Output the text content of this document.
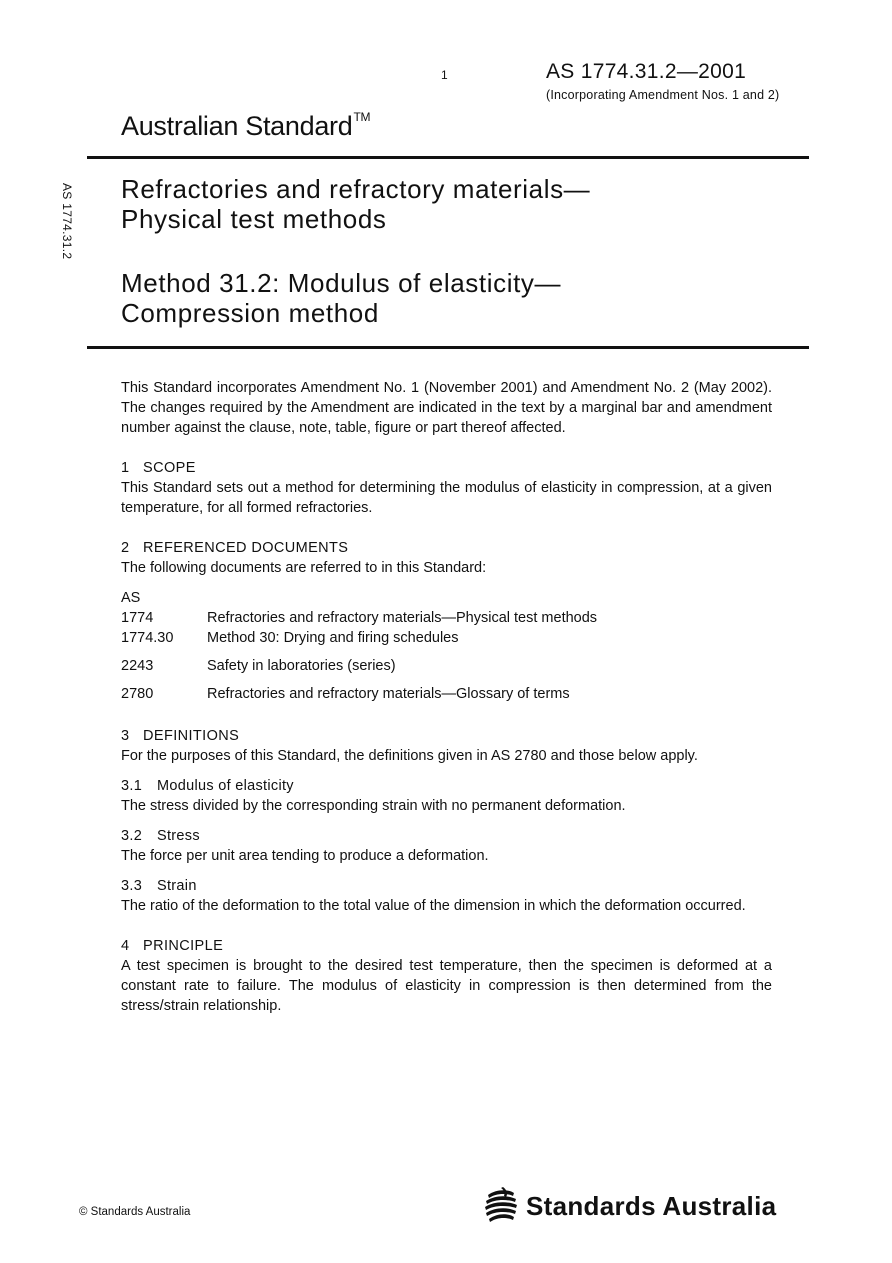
1	AS 1774.31.2—2001
(Incorporating Amendment Nos. 1 and 2)
Australian Standard™
AS 1774.31.2 Refractories and refractory materials—
Physical test methods
Method 31.2: Modulus of elasticity—
Compression method

This Standard incorporates Amendment No. 1 (November 2001) and Amendment No. 2 (May 2002). The changes required by the Amendment are indicated in the text by a marginal bar and amendment number against the clause, note, table, figure or part thereof affected.

1 SCOPE

This Standard sets out a method for determining the modulus of elasticity in compression, at a given temperature, for all formed refractories.

2 REFERENCED DOCUMENTS

The following documents are referred to in this Standard:

AS

1774	Refractories and refractory materials—Physical test methods
1774.30	Method 30: Drying and firing schedules
2243	Safety in laboratories (series)
2780	Refractories and refractory materials—Glossary of terms

3 DEFINITIONS

For the purposes of this Standard, the definitions given in AS 2780 and those below apply.

3.1 Modulus of elasticity

The stress divided by the corresponding strain with no permanent deformation.

3.2 Stress

The force per unit area tending to produce a deformation.

3.3 Strain

The ratio of the deformation to the total value of the dimension in which the deformation occurred.

4 PRINCIPLE

A test specimen is brought to the desired test temperature, then the specimen is deformed at a constant rate to failure. The modulus of elasticity in compression is then determined from the stress/strain relationship.

© Standards Australia	Standards Australia
